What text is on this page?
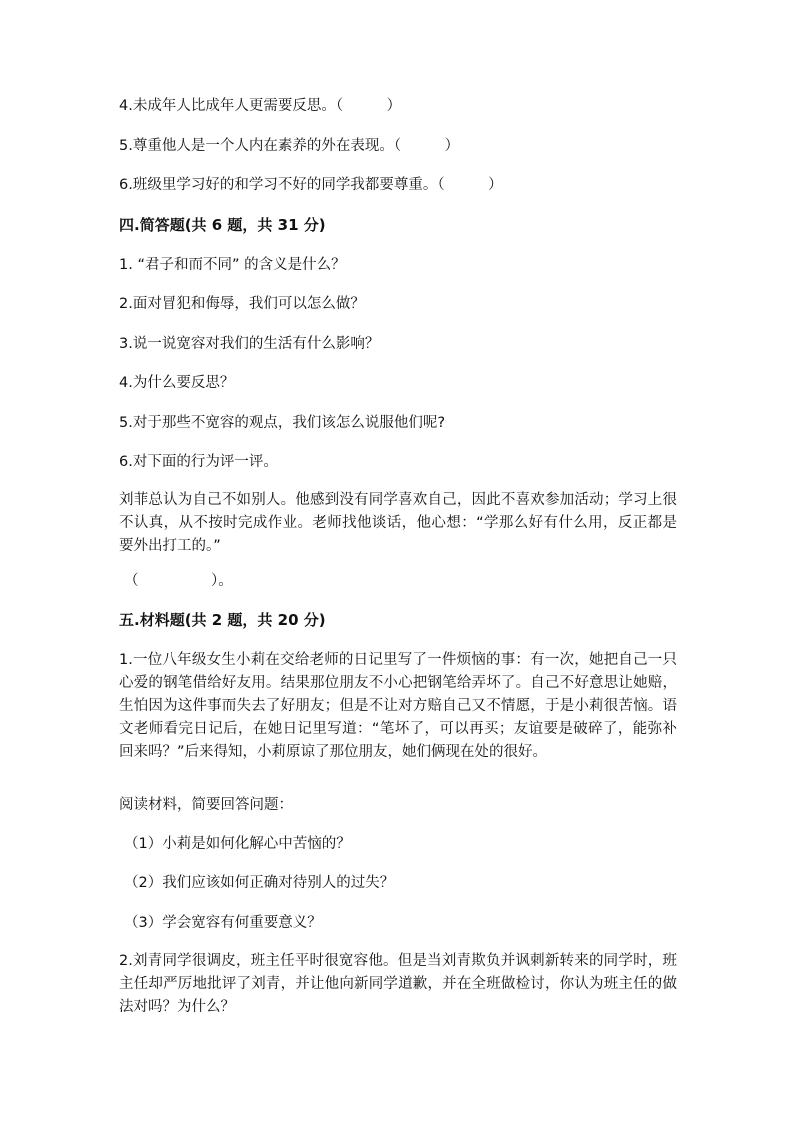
4.未成年人比成年人更需要反思。（　　　）
5.尊重他人是一个人内在素养的外在表现。（　　　）
6.班级里学习好的和学习不好的同学我都要尊重。（　　　）
四.简答题(共 6 题，共 31 分)
1. “君子和而不同” 的含义是什么？
2.面对冒犯和侮辱，我们可以怎么做？
3.说一说宽容对我们的生活有什么影响？
4.为什么要反思？
5.对于那些不宽容的观点，我们该怎么说服他们呢?
6.对下面的行为评一评。
刘菲总认为自己不如别人。他感到没有同学喜欢自己，因此不喜欢参加活动；学习上很不认真，从不按时完成作业。老师找他谈话，他心想：“学那么好有什么用，反正都是要外出打工的。”
（　　　　　）。
五.材料题(共 2 题，共 20 分)
1.一位八年级女生小莉在交给老师的日记里写了一件烦恼的事：有一次，她把自己一只心爱的钢笔借给好友用。结果那位朋友不小心把钢笔给弄坏了。自己不好意思让她赔，生怕因为这件事而失去了好朋友；但是不让对方赔自己又不情愿，于是小莉很苦恼。语文老师看完日记后，在她日记里写道：“笔坏了，可以再买；友谊要是破碎了，能弥补回来吗？”后来得知，小莉原谅了那位朋友，她们俩现在处的很好。
阅读材料，简要回答问题：
（1）小莉是如何化解心中苦恼的？
（2）我们应该如何正确对待别人的过失？
（3）学会宽容有何重要意义？
2.刘青同学很调皮，班主任平时很宽容他。但是当刘青欺负并讽刺新转来的同学时，班主任却严厉地批评了刘青，并让他向新同学道歉，并在全班做检讨，你认为班主任的做法对吗？为什么？
